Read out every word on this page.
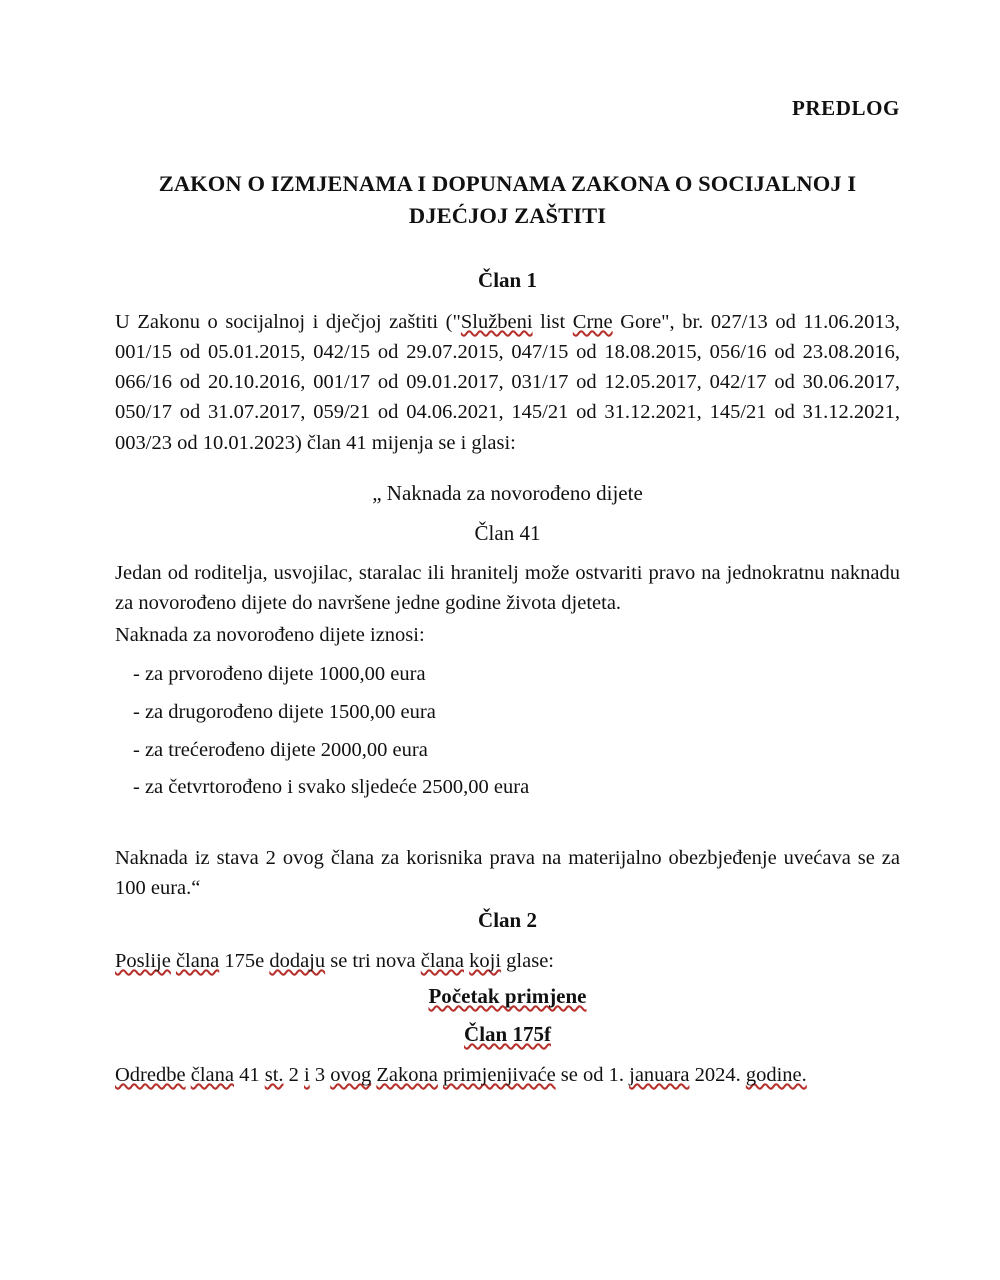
PREDLOG
ZAKON O IZMJENAMA I DOPUNAMA ZAKONA O SOCIJALNOJ I DJEĆJOJ ZAŠTITI
Član 1
U Zakonu o socijalnoj i dječjoj zaštiti ("Službeni list Crne Gore", br. 027/13 od 11.06.2013, 001/15 od 05.01.2015, 042/15 od 29.07.2015, 047/15 od 18.08.2015, 056/16 od 23.08.2016, 066/16 od 20.10.2016, 001/17 od 09.01.2017, 031/17 od 12.05.2017, 042/17 od 30.06.2017, 050/17 od 31.07.2017, 059/21 od 04.06.2021, 145/21 od 31.12.2021, 145/21 od 31.12.2021, 003/23 od 10.01.2023) član 41 mijenja se i glasi:
„ Naknada za novorođeno dijete
Član 41
Jedan od roditelja, usvojilac, staralac ili hranitelj može ostvariti pravo na jednokratnu naknadu za novorođeno dijete do navršene jedne godine života djeteta.
Naknada za novorođeno dijete iznosi:
- za prvorođeno dijete 1000,00 eura
- za drugorođeno dijete 1500,00 eura
- za trećerođeno dijete 2000,00 eura
- za četvrtorođeno i svako sljedeće 2500,00 eura
Naknada iz stava 2 ovog člana za korisnika prava na materijalno obezbjeđenje uvećava se za 100 eura.“
Član 2
Poslije člana 175e dodaju se tri nova člana koji glase:
Početak primjene
Član 175f
Odredbe člana 41 st. 2 i 3 ovog Zakona primjenjivaće se od 1. januara 2024. godine.
